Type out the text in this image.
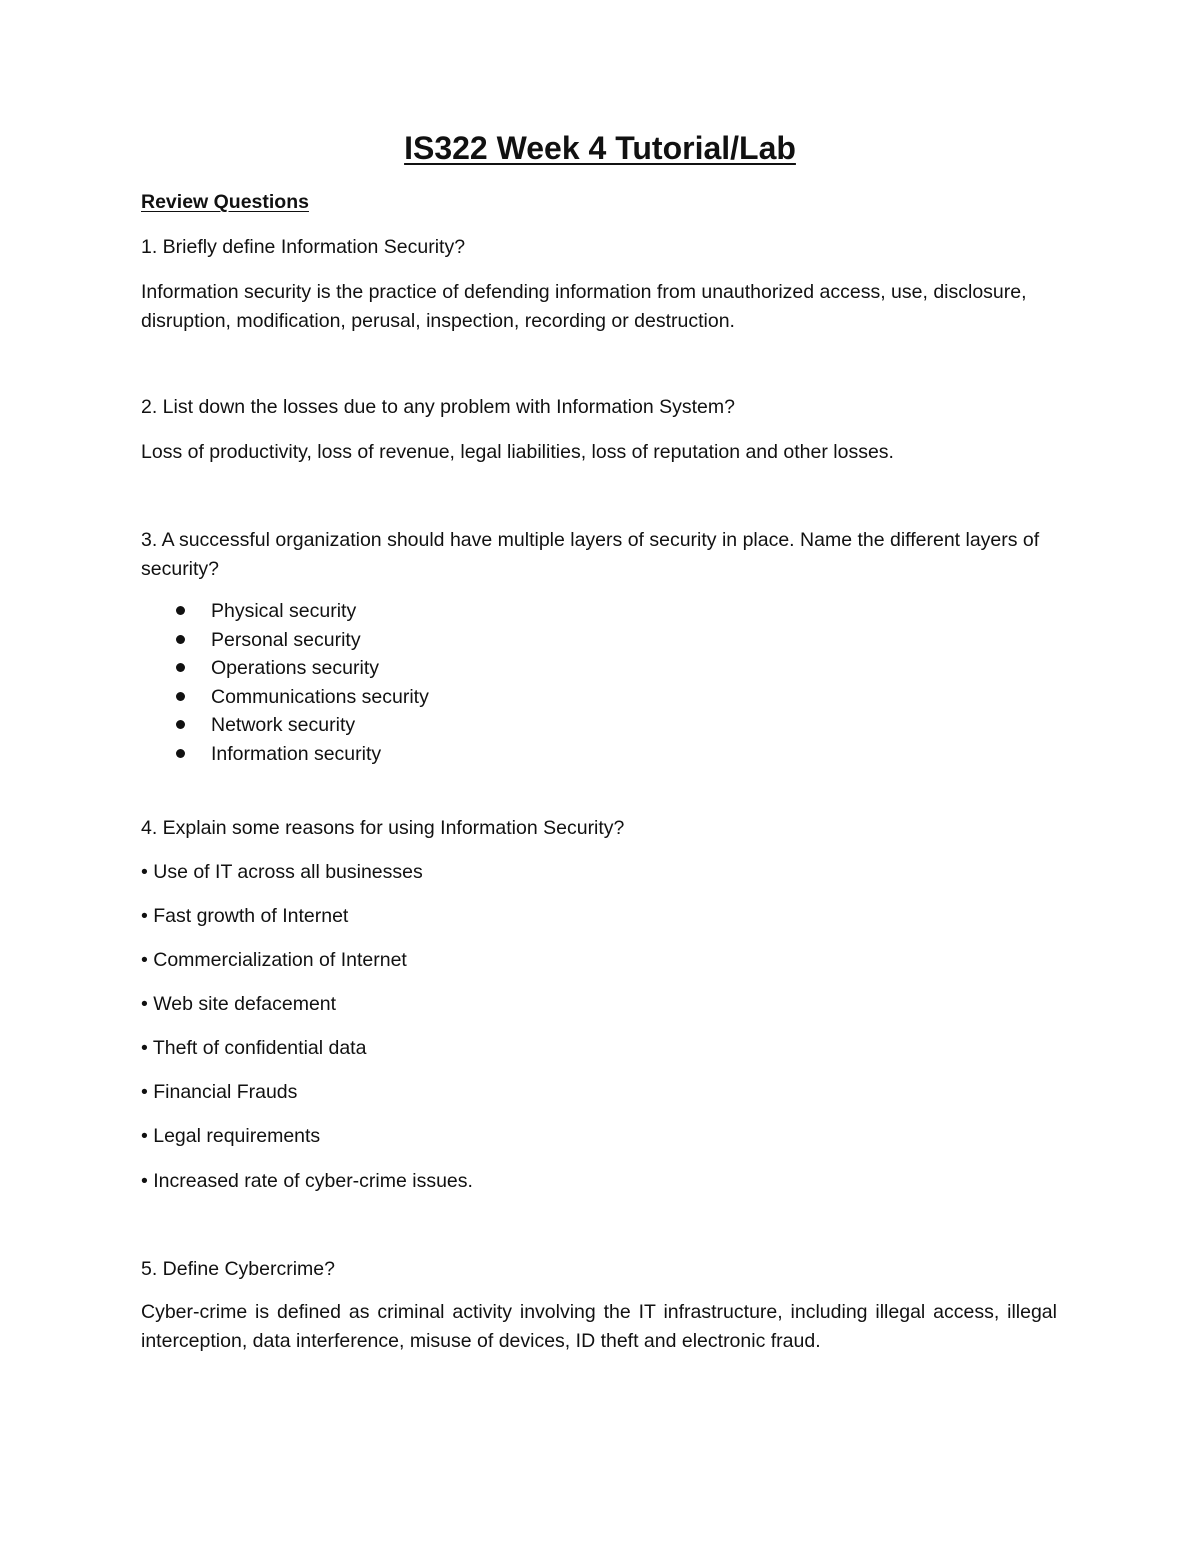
IS322 Week 4 Tutorial/Lab
Review Questions
1. Briefly define Information Security?
Information security is the practice of defending information from unauthorized access, use, disclosure, disruption, modification, perusal, inspection, recording or destruction.
2. List down the losses due to any problem with Information System?
Loss of productivity, loss of revenue, legal liabilities, loss of reputation and other losses.
3. A successful organization should have multiple layers of security in place. Name the different layers of security?
Physical security
Personal security
Operations security
Communications security
Network security
Information security
4. Explain some reasons for using Information Security?
• Use of IT across all businesses
• Fast growth of Internet
• Commercialization of Internet
• Web site defacement
• Theft of confidential data
• Financial Frauds
• Legal requirements
• Increased rate of cyber-crime issues.
5. Define Cybercrime?
Cyber-crime is defined as criminal activity involving the IT infrastructure, including illegal access, illegal interception, data interference, misuse of devices, ID theft and electronic fraud.
